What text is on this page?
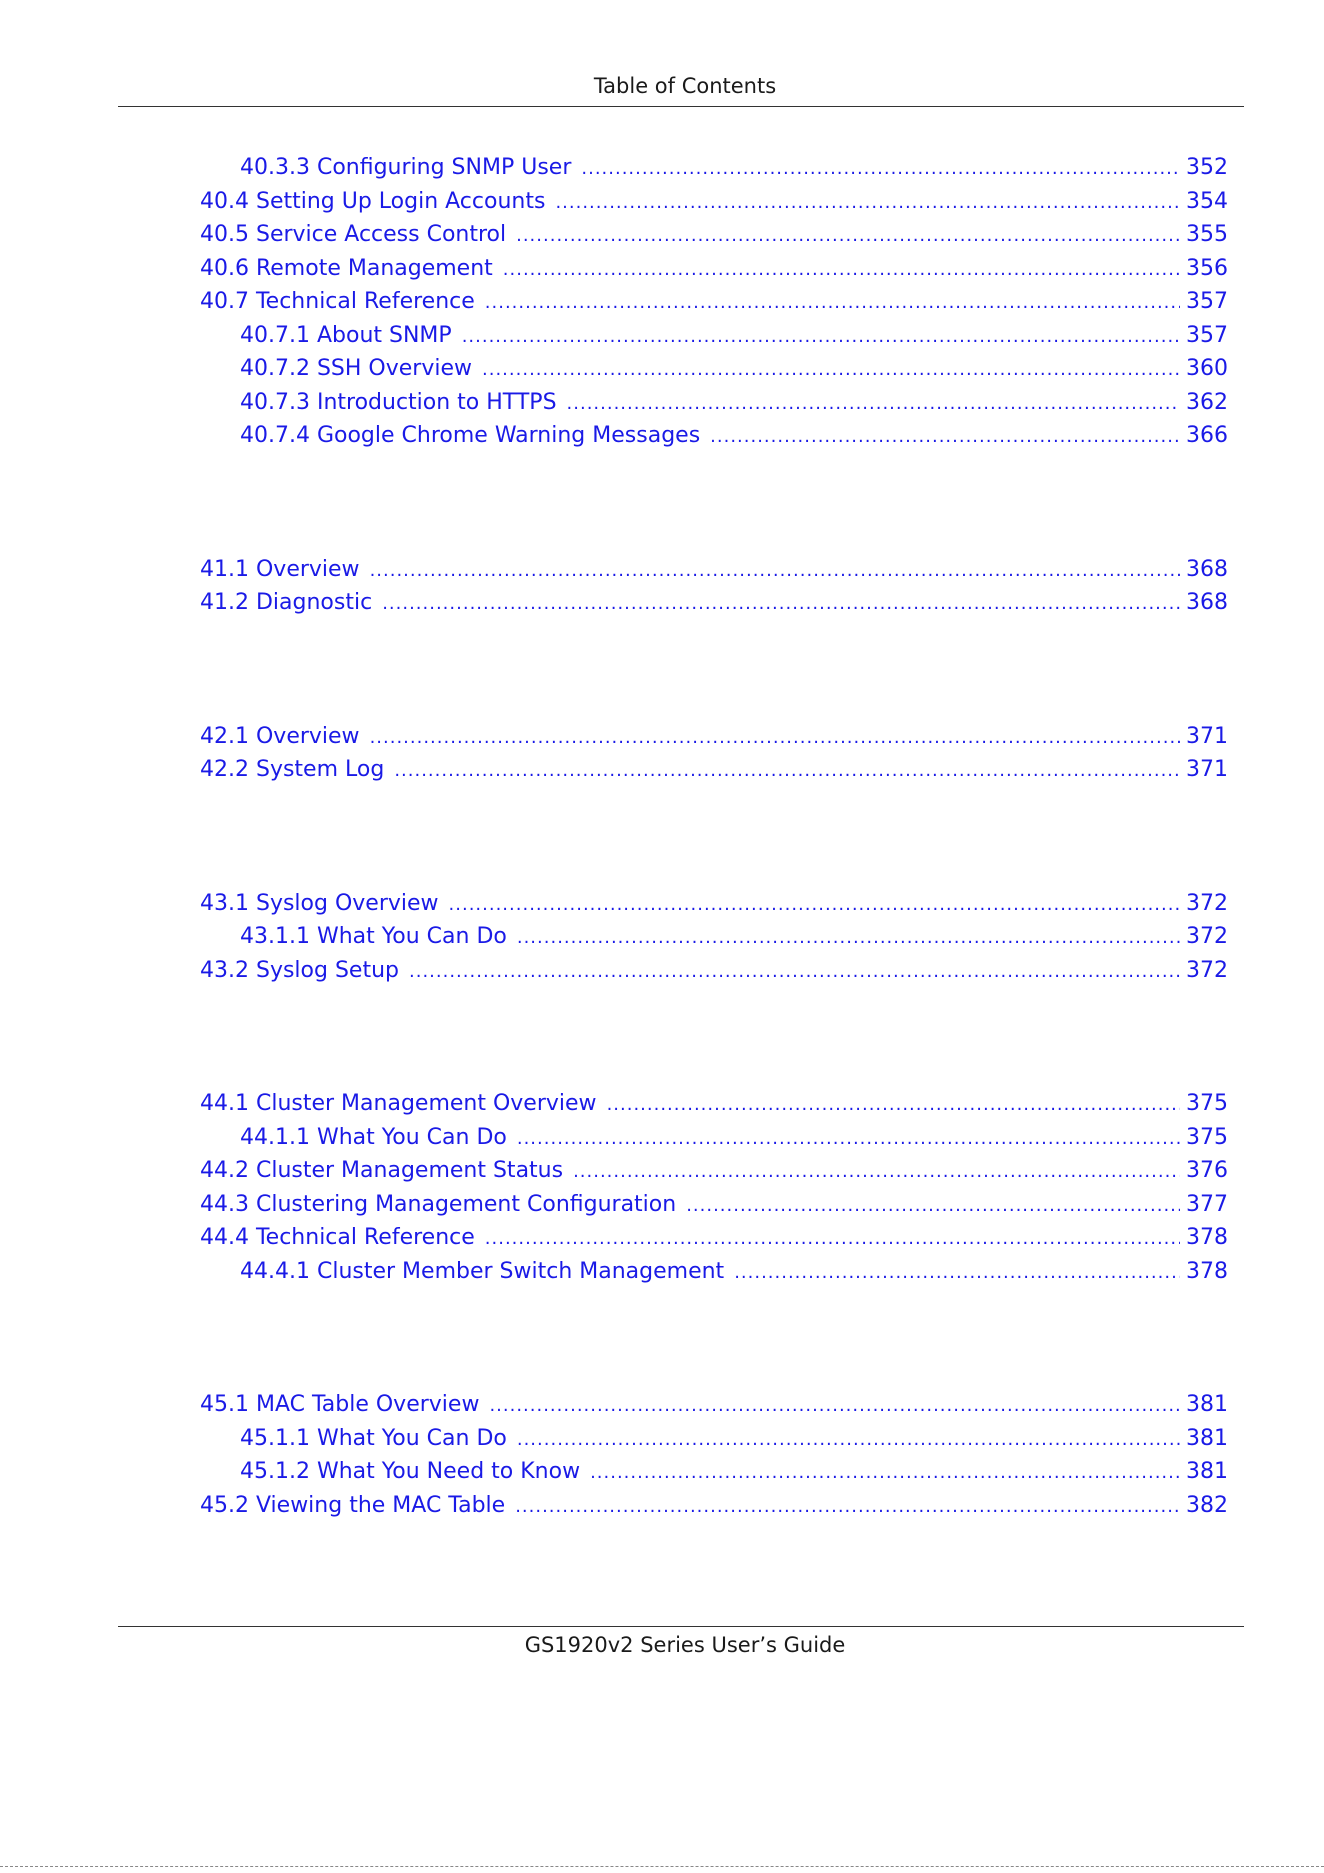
Table of Contents
40.3.3 Configuring SNMP User .....	352
40.4 Setting Up Login Accounts .....	354
40.5 Service Access Control .....	355
40.6 Remote Management .....	356
40.7 Technical Reference .....	357
40.7.1 About SNMP .....	357
40.7.2 SSH Overview .....	360
40.7.3 Introduction to HTTPS .....	362
40.7.4 Google Chrome Warning Messages .....	366
41.1 Overview .....	368
41.2 Diagnostic .....	368
42.1 Overview .....	371
42.2 System Log .....	371
43.1 Syslog Overview .....	372
43.1.1 What You Can Do .....	372
43.2 Syslog Setup .....	372
44.1 Cluster Management Overview .....	375
44.1.1 What You Can Do .....	375
44.2 Cluster Management Status .....	376
44.3 Clustering Management Configuration .....	377
44.4 Technical Reference .....	378
44.4.1 Cluster Member Switch Management .....	378
45.1 MAC Table Overview .....	381
45.1.1 What You Can Do .....	381
45.1.2 What You Need to Know .....	381
45.2 Viewing the MAC Table .....	382
GS1920v2 Series User’s Guide
